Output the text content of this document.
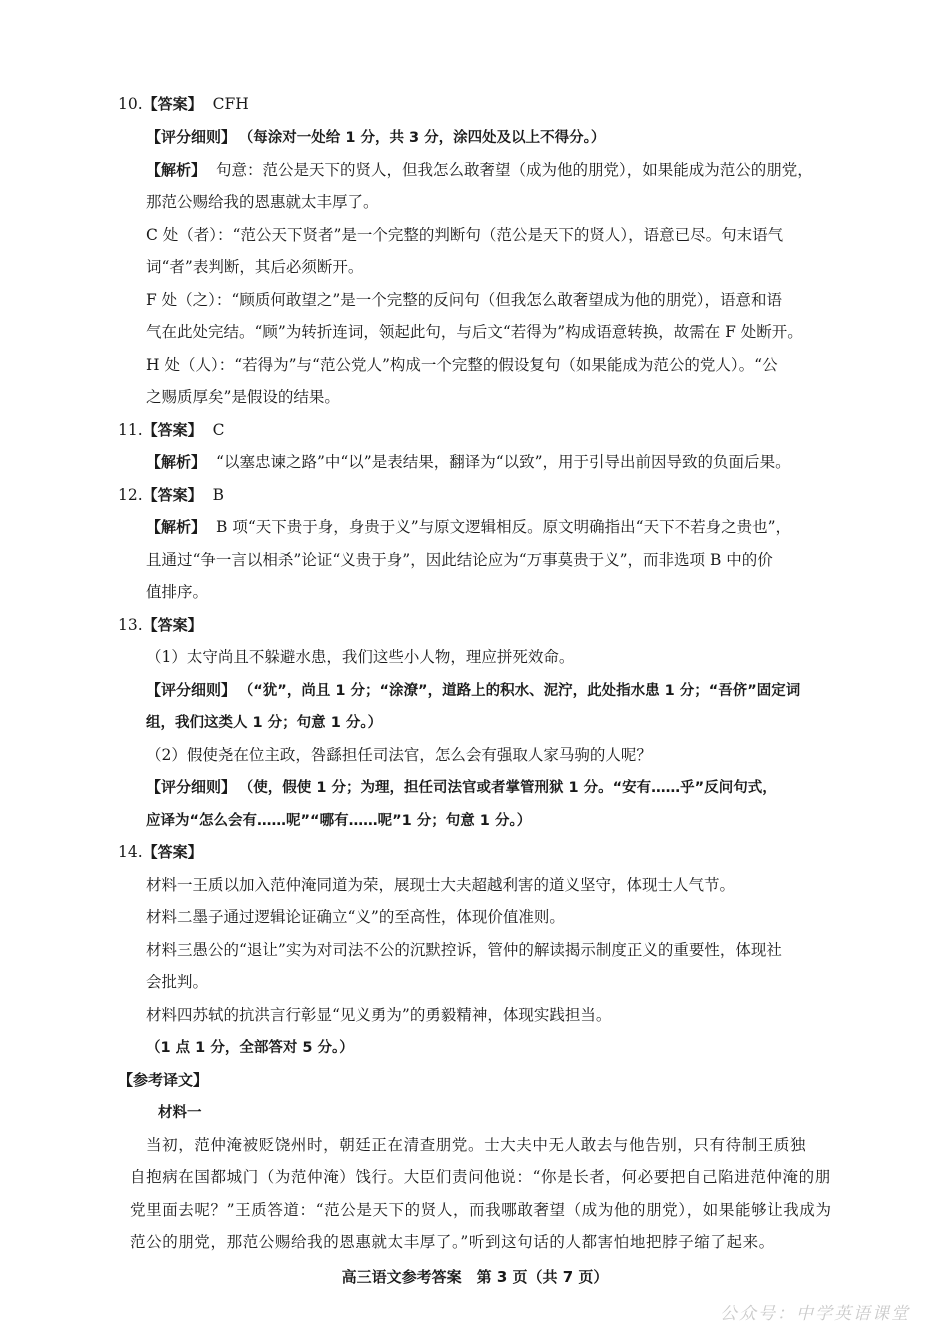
10.【答案】 CFH
【评分细则】 （每涂对一处给 1 分，共 3 分，涂四处及以上不得分。）
【解析】 句意：范公是天下的贤人，但我怎么敢奢望（成为他的朋党），如果能成为范公的朋党，
那范公赐给我的恩惠就太丰厚了。
C 处（者）：“范公天下贤者”是一个完整的判断句（范公是天下的贤人），语意已尽。句末语气
词“者”表判断，其后必须断开。
F 处（之）：“顾质何敢望之”是一个完整的反问句（但我怎么敢奢望成为他的朋党），语意和语
气在此处完结。“顾”为转折连词，领起此句，与后文“若得为”构成语意转换，故需在 F 处断开。
H 处（人）：“若得为”与“范公党人”构成一个完整的假设复句（如果能成为范公的党人）。“公
之赐质厚矣”是假设的结果。
11.【答案】 C
【解析】 “以塞忠谏之路”中“以”是表结果，翻译为“以致”，用于引导出前因导致的负面后果。
12.【答案】 B
【解析】 B 项“天下贵于身，身贵于义”与原文逻辑相反。原文明确指出“天下不若身之贵也”，
且通过“争一言以相杀”论证“义贵于身”，因此结论应为“万事莫贵于义”，而非选项 B 中的价
值排序。
13.【答案】
（1）太守尚且不躲避水患，我们这些小人物，理应拼死效命。
【评分细则】 （“犹”，尚且 1 分；“涂潦”，道路上的积水、泥泞，此处指水患 1 分；“吾侪”固定词
组，我们这类人 1 分；句意 1 分。）
（2）假使尧在位主政，咎繇担任司法官，怎么会有强取人家马驹的人呢？
【评分细则】 （使，假使 1 分；为理，担任司法官或者掌管刑狱 1 分。“安有……乎”反问句式，
应译为“怎么会有……呢”“哪有……呢”1 分；句意 1 分。）
14.【答案】
材料一王质以加入范仲淹同道为荣，展现士大夫超越利害的道义坚守，体现士人气节。
材料二墨子通过逻辑论证确立“义”的至高性，体现价值准则。
材料三愚公的“退让”实为对司法不公的沉默控诉，管仲的解读揭示制度正义的重要性，体现社
会批判。
材料四苏轼的抗洪言行彰显“见义勇为”的勇毅精神，体现实践担当。
（1 点 1 分，全部答对 5 分。）
【参考译文】
材料一
当初，范仲淹被贬饶州时，朝廷正在清查朋党。士大夫中无人敢去与他告别，只有待制王质独
自抱病在国都城门（为范仲淹）饯行。大臣们责问他说：“你是长者，何必要把自己陷进范仲淹的朋
党里面去呢？”王质答道：“范公是天下的贤人，而我哪敢奢望（成为他的朋党），如果能够让我成为
范公的朋党，那范公赐给我的恩惠就太丰厚了。”听到这句话的人都害怕地把脖子缩了起来。
高三语文参考答案　第 3 页（共 7 页）
公众号：中学英语课堂
